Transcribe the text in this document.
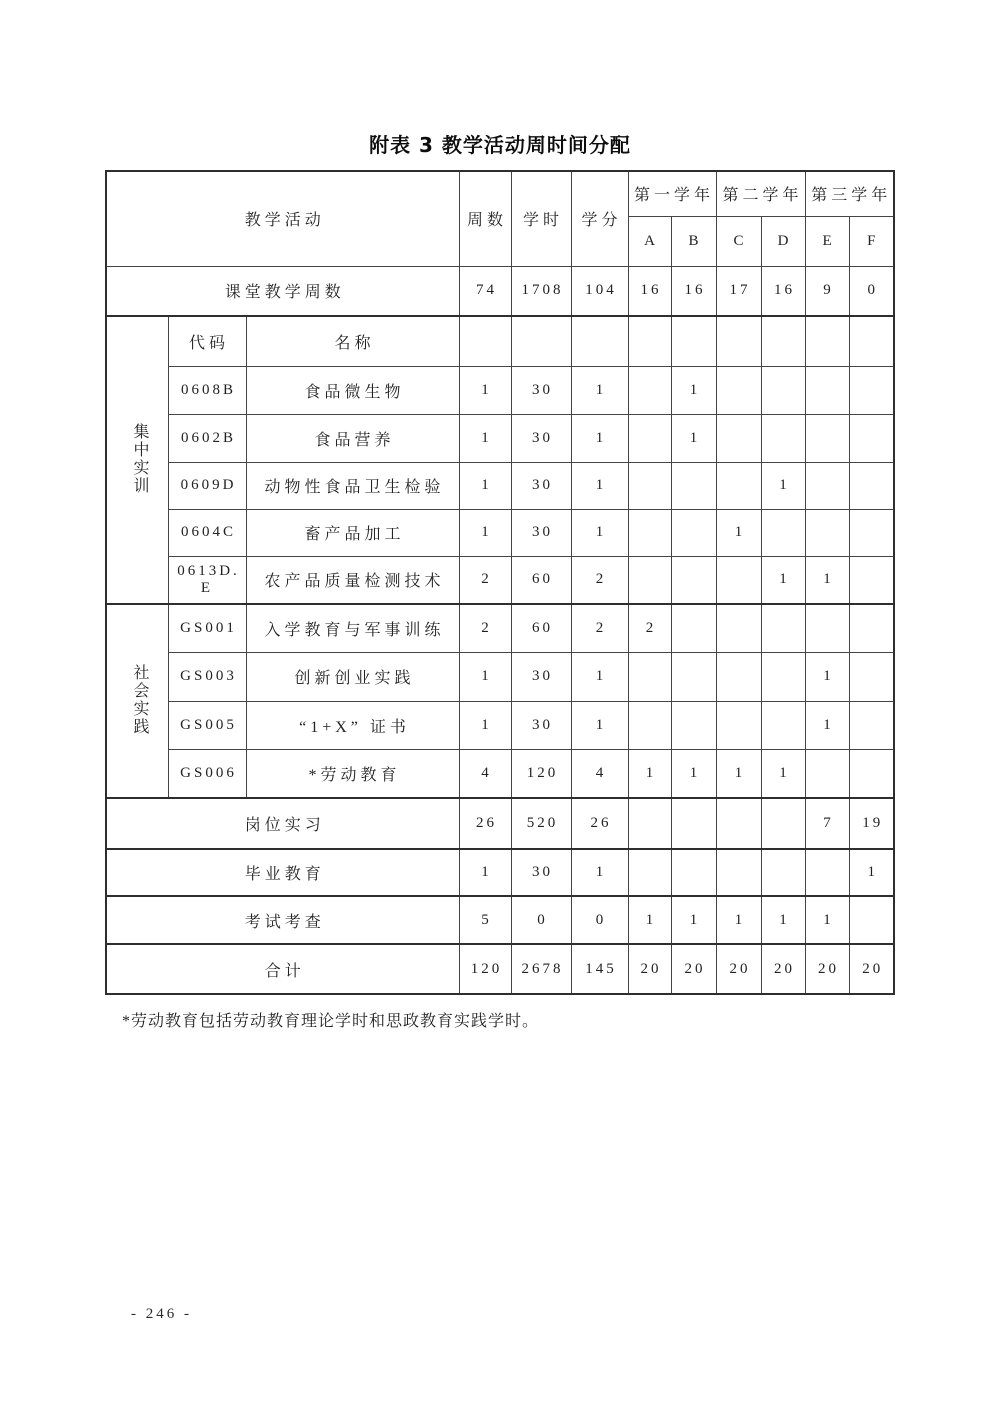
附表 3 教学活动周时间分配
教学活动			周数	学时	学分	第一学年		第二学年		第三学年	
						A	B	C	D	E	F
课堂教学周数			74	1708	104	16	16	17	16	9	0
集中实训	代码	名称									
	0608B	食品微生物	1	30	1		1				
	0602B	食品营养	1	30	1		1				
	0609D	动物性食品卫生检验	1	30	1				1		
	0604C	畜产品加工	1	30	1			1			
	0613D. E	农产品质量检测技术	2	60	2				1	1	
社会实践	GS001	入学教育与军事训练	2	60	2	2					
	GS003	创新创业实践	1	30	1					1	
	GS005	“1+X” 证书	1	30	1					1	
	GS006	*劳动教育	4	120	4	1	1	1	1		
岗位实习			26	520	26					7	19
毕业教育			1	30	1						1
考试考查			5	0	0	1	1	1	1	1	
合计			120	2678	145	20	20	20	20	20	20
*劳动教育包括劳动教育理论学时和思政教育实践学时。
- 246 -
